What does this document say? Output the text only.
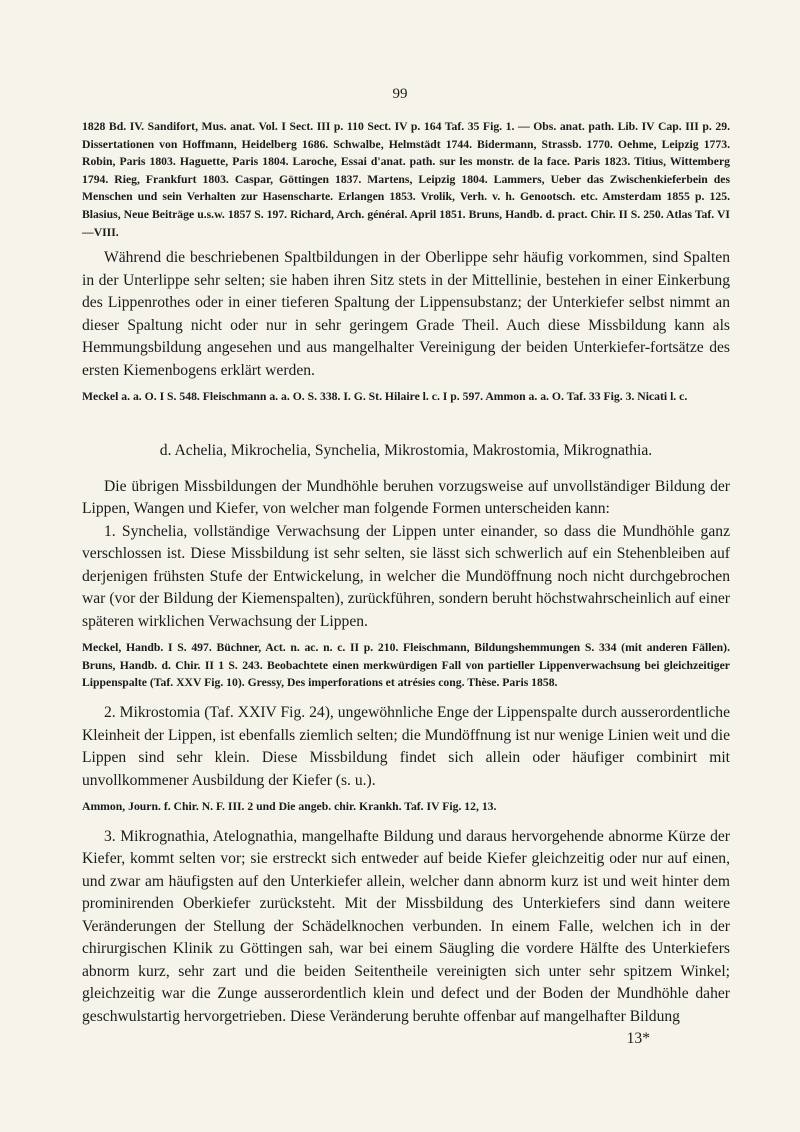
99

1828 Bd. IV. Sandifort, Mus. anat. Vol. I Sect. III p. 110 Sect. IV p. 164 Taf. 35 Fig. 1. — Obs. anat. path. Lib. IV Cap. III p. 29. Dissertationen von Hoffmann, Heidelberg 1686. Schwalbe, Helmstädt 1744. Bidermann, Strassb. 1770. Oehme, Leipzig 1773. Robin, Paris 1803. Haguette, Paris 1804. Laroche, Essai d'anat. path. sur les monstr. de la face. Paris 1823. Titius, Wittemberg 1794. Rieg, Frankfurt 1803. Caspar, Göttingen 1837. Martens, Leipzig 1804. Lammers, Ueber das Zwischenkieferbein des Menschen und sein Verhalten zur Hasenscharte. Erlangen 1853. Vrolik, Verh. v. h. Genootsch. etc. Amsterdam 1855 p. 125. Blasius, Neue Beiträge u.s.w. 1857 S. 197. Richard, Arch. général. April 1851. Bruns, Handb. d. pract. Chir. II S. 250. Atlas Taf. VI—VIII.

Während die beschriebenen Spaltbildungen in der Oberlippe sehr häufig vorkommen, sind Spalten in der Unterlippe sehr selten; sie haben ihren Sitz stets in der Mittellinie, bestehen in einer Einkerbung des Lippenrothes oder in einer tieferen Spaltung der Lippensubstanz; der Unterkiefer selbst nimmt an dieser Spaltung nicht oder nur in sehr geringem Grade Theil. Auch diese Missbildung kann als Hemmungsbildung angesehen und aus mangelhalter Vereinigung der beiden Unterkiefer-fortsätze des ersten Kiemenbogens erklärt werden.

Meckel a. a. O. I S. 548. Fleischmann a. a. O. S. 338. I. G. St. Hilaire l. c. I p. 597. Ammon a. a. O. Taf. 33 Fig. 3. Nicati l. c.

d. Achelia, Mikrochelia, Synchelia, Mikrostomia, Makrostomia, Mikrognathia.

Die übrigen Missbildungen der Mundhöhle beruhen vorzugsweise auf unvollständiger Bildung der Lippen, Wangen und Kiefer, von welcher man folgende Formen unterscheiden kann:

1. Synchelia, vollständige Verwachsung der Lippen unter einander, so dass die Mundhöhle ganz verschlossen ist. Diese Missbildung ist sehr selten, sie lässt sich schwerlich auf ein Stehenbleiben auf derjenigen frühsten Stufe der Entwickelung, in welcher die Mundöffnung noch nicht durchgebrochen war (vor der Bildung der Kiemenspalten), zurückführen, sondern beruht höchstwahrscheinlich auf einer späteren wirklichen Verwachsung der Lippen.

Meckel, Handb. I S. 497. Büchner, Act. n. ac. n. c. II p. 210. Fleischmann, Bildungshemmungen S. 334 (mit anderen Fällen). Bruns, Handb. d. Chir. II 1 S. 243. Beobachtete einen merkwürdigen Fall von partieller Lippenverwachsung bei gleichzeitiger Lippenspalte (Taf. XXV Fig. 10). Gressy, Des imperforations et atrésies cong. Thèse. Paris 1858.

2. Mikrostomia (Taf. XXIV Fig. 24), ungewöhnliche Enge der Lippenspalte durch ausserordentliche Kleinheit der Lippen, ist ebenfalls ziemlich selten; die Mundöffnung ist nur wenige Linien weit und die Lippen sind sehr klein. Diese Missbildung findet sich allein oder häufiger combinirt mit unvollkommener Ausbildung der Kiefer (s. u.).

Ammon, Journ. f. Chir. N. F. III. 2 und Die angeb. chir. Krankh. Taf. IV Fig. 12, 13.

3. Mikrognathia, Atelognathia, mangelhafte Bildung und daraus hervorgehende abnorme Kürze der Kiefer, kommt selten vor; sie erstreckt sich entweder auf beide Kiefer gleichzeitig oder nur auf einen, und zwar am häufigsten auf den Unterkiefer allein, welcher dann abnorm kurz ist und weit hinter dem prominirenden Oberkiefer zurücksteht. Mit der Missbildung des Unterkiefers sind dann weitere Veränderungen der Stellung der Schädelknochen verbunden. In einem Falle, welchen ich in der chirurgischen Klinik zu Göttingen sah, war bei einem Säugling die vordere Hälfte des Unterkiefers abnorm kurz, sehr zart und die beiden Seitentheile vereinigten sich unter sehr spitzem Winkel; gleichzeitig war die Zunge ausserordentlich klein und defect und der Boden der Mundhöhle daher geschwulstartig hervorgetrieben. Diese Veränderung beruhte offenbar auf mangelhafter Bildung

13*
